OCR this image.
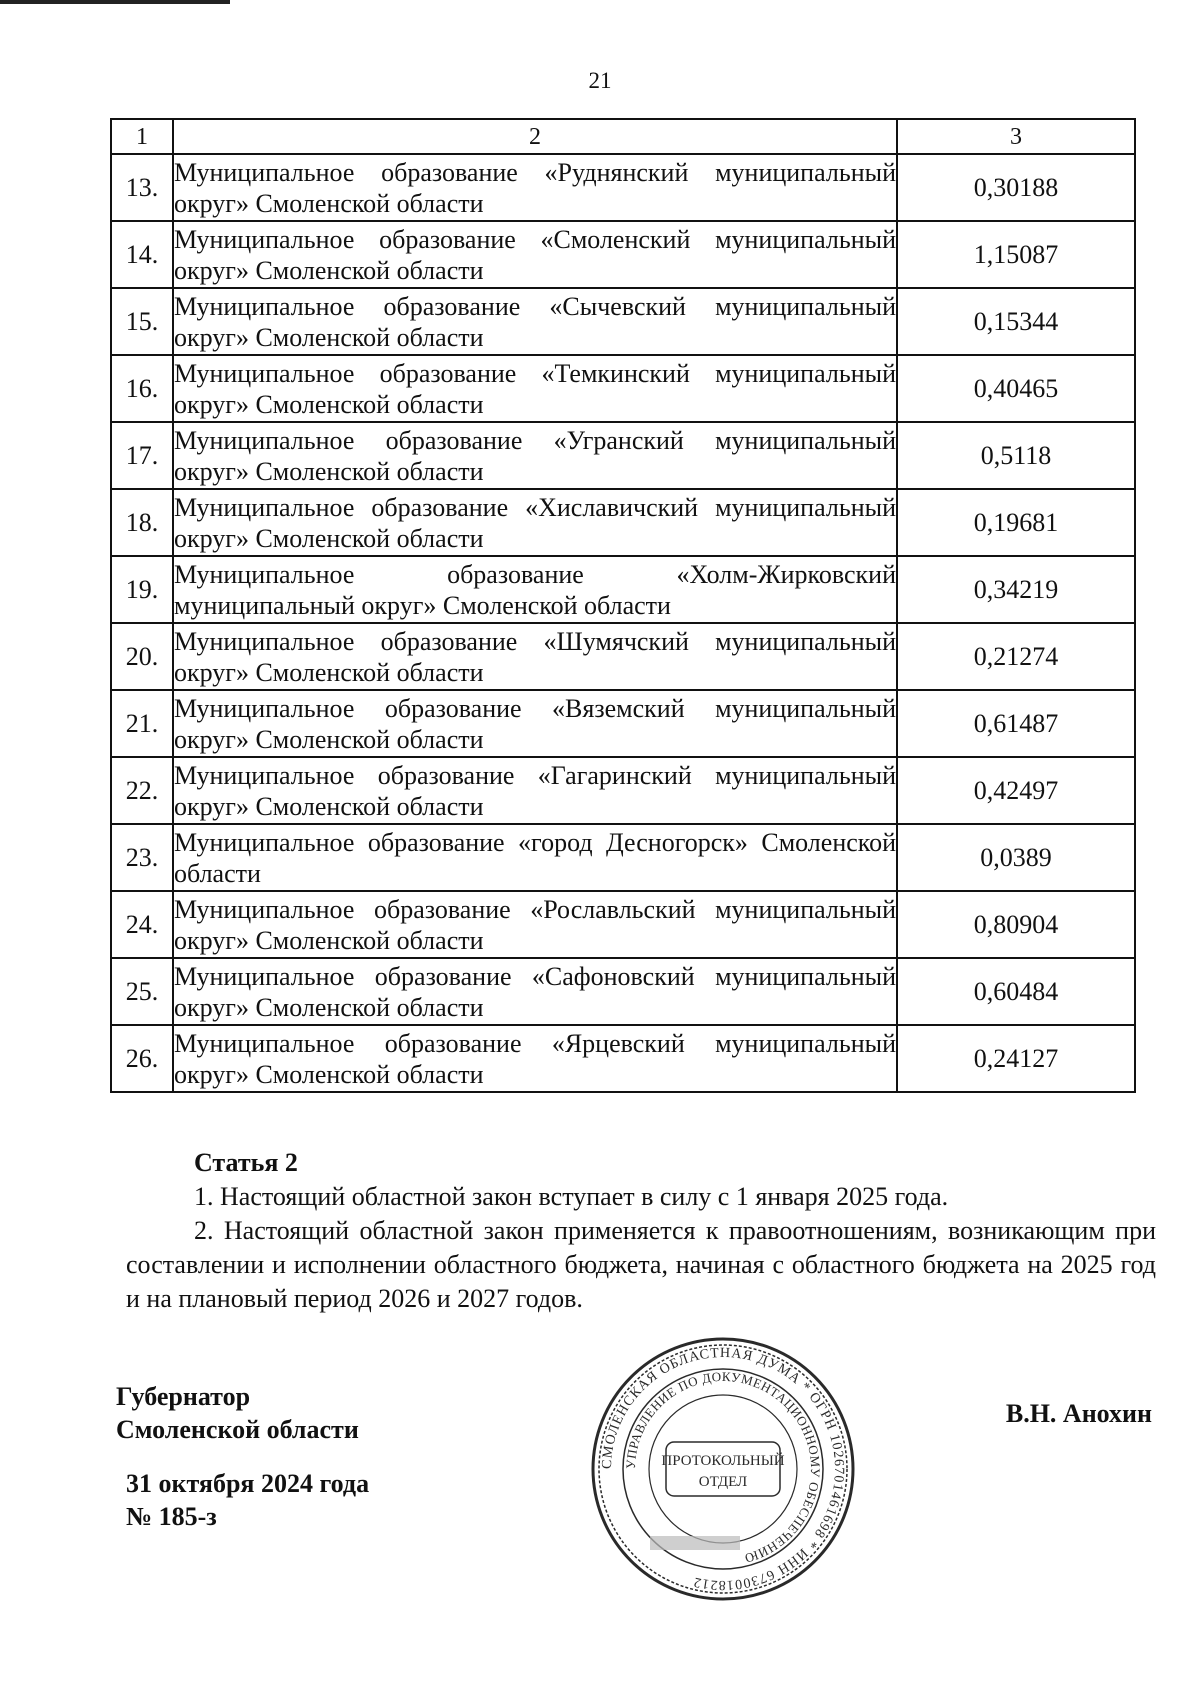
21
1	2	3
13.	Муниципальное образование «Руднянский муниципальный округ» Смоленской области	0,30188
14.	Муниципальное образование «Смоленский муниципальный округ» Смоленской области	1,15087
15.	Муниципальное образование «Сычевский муниципальный округ» Смоленской области	0,15344
16.	Муниципальное образование «Темкинский муниципальный округ» Смоленской области	0,40465
17.	Муниципальное образование «Угранский муниципальный округ» Смоленской области	0,5118
18.	Муниципальное образование «Хиславичский муниципальный округ» Смоленской области	0,19681
19.	Муниципальное образование «Холм-Жирковский муниципальный округ» Смоленской области	0,34219
20.	Муниципальное образование «Шумячский муниципальный округ» Смоленской области	0,21274
21.	Муниципальное образование «Вяземский муниципальный округ» Смоленской области	0,61487
22.	Муниципальное образование «Гагаринский муниципальный округ» Смоленской области	0,42497
23.	Муниципальное образование «город Десногорск» Смоленской области	0,0389
24.	Муниципальное образование «Рославльский муниципальный округ» Смоленской области	0,80904
25.	Муниципальное образование «Сафоновский муниципальный округ» Смоленской области	0,60484
26.	Муниципальное образование «Ярцевский муниципальный округ» Смоленской области	0,24127
Статья 2
1. Настоящий областной закон вступает в силу с 1 января 2025 года.
2. Настоящий областной закон применяется к правоотношениям, возникающим при составлении и исполнении областного бюджета, начиная с областного бюджета на 2025 год и на плановый период 2026 и 2027 годов.
Губернатор
Смоленской области
31 октября 2024 года
№ 185-з
В.Н. Анохин
СМОЛЕНСКАЯ ОБЛАСТНАЯ ДУМА * ОГРН 1026701461698 * ИНН 6730018212
УПРАВЛЕНИЕ ПО ДОКУМЕНТАЦИОННОМУ ОБЕСПЕЧЕНИЮ
ПРОТОКОЛЬНЫЙ
ОТДЕЛ
